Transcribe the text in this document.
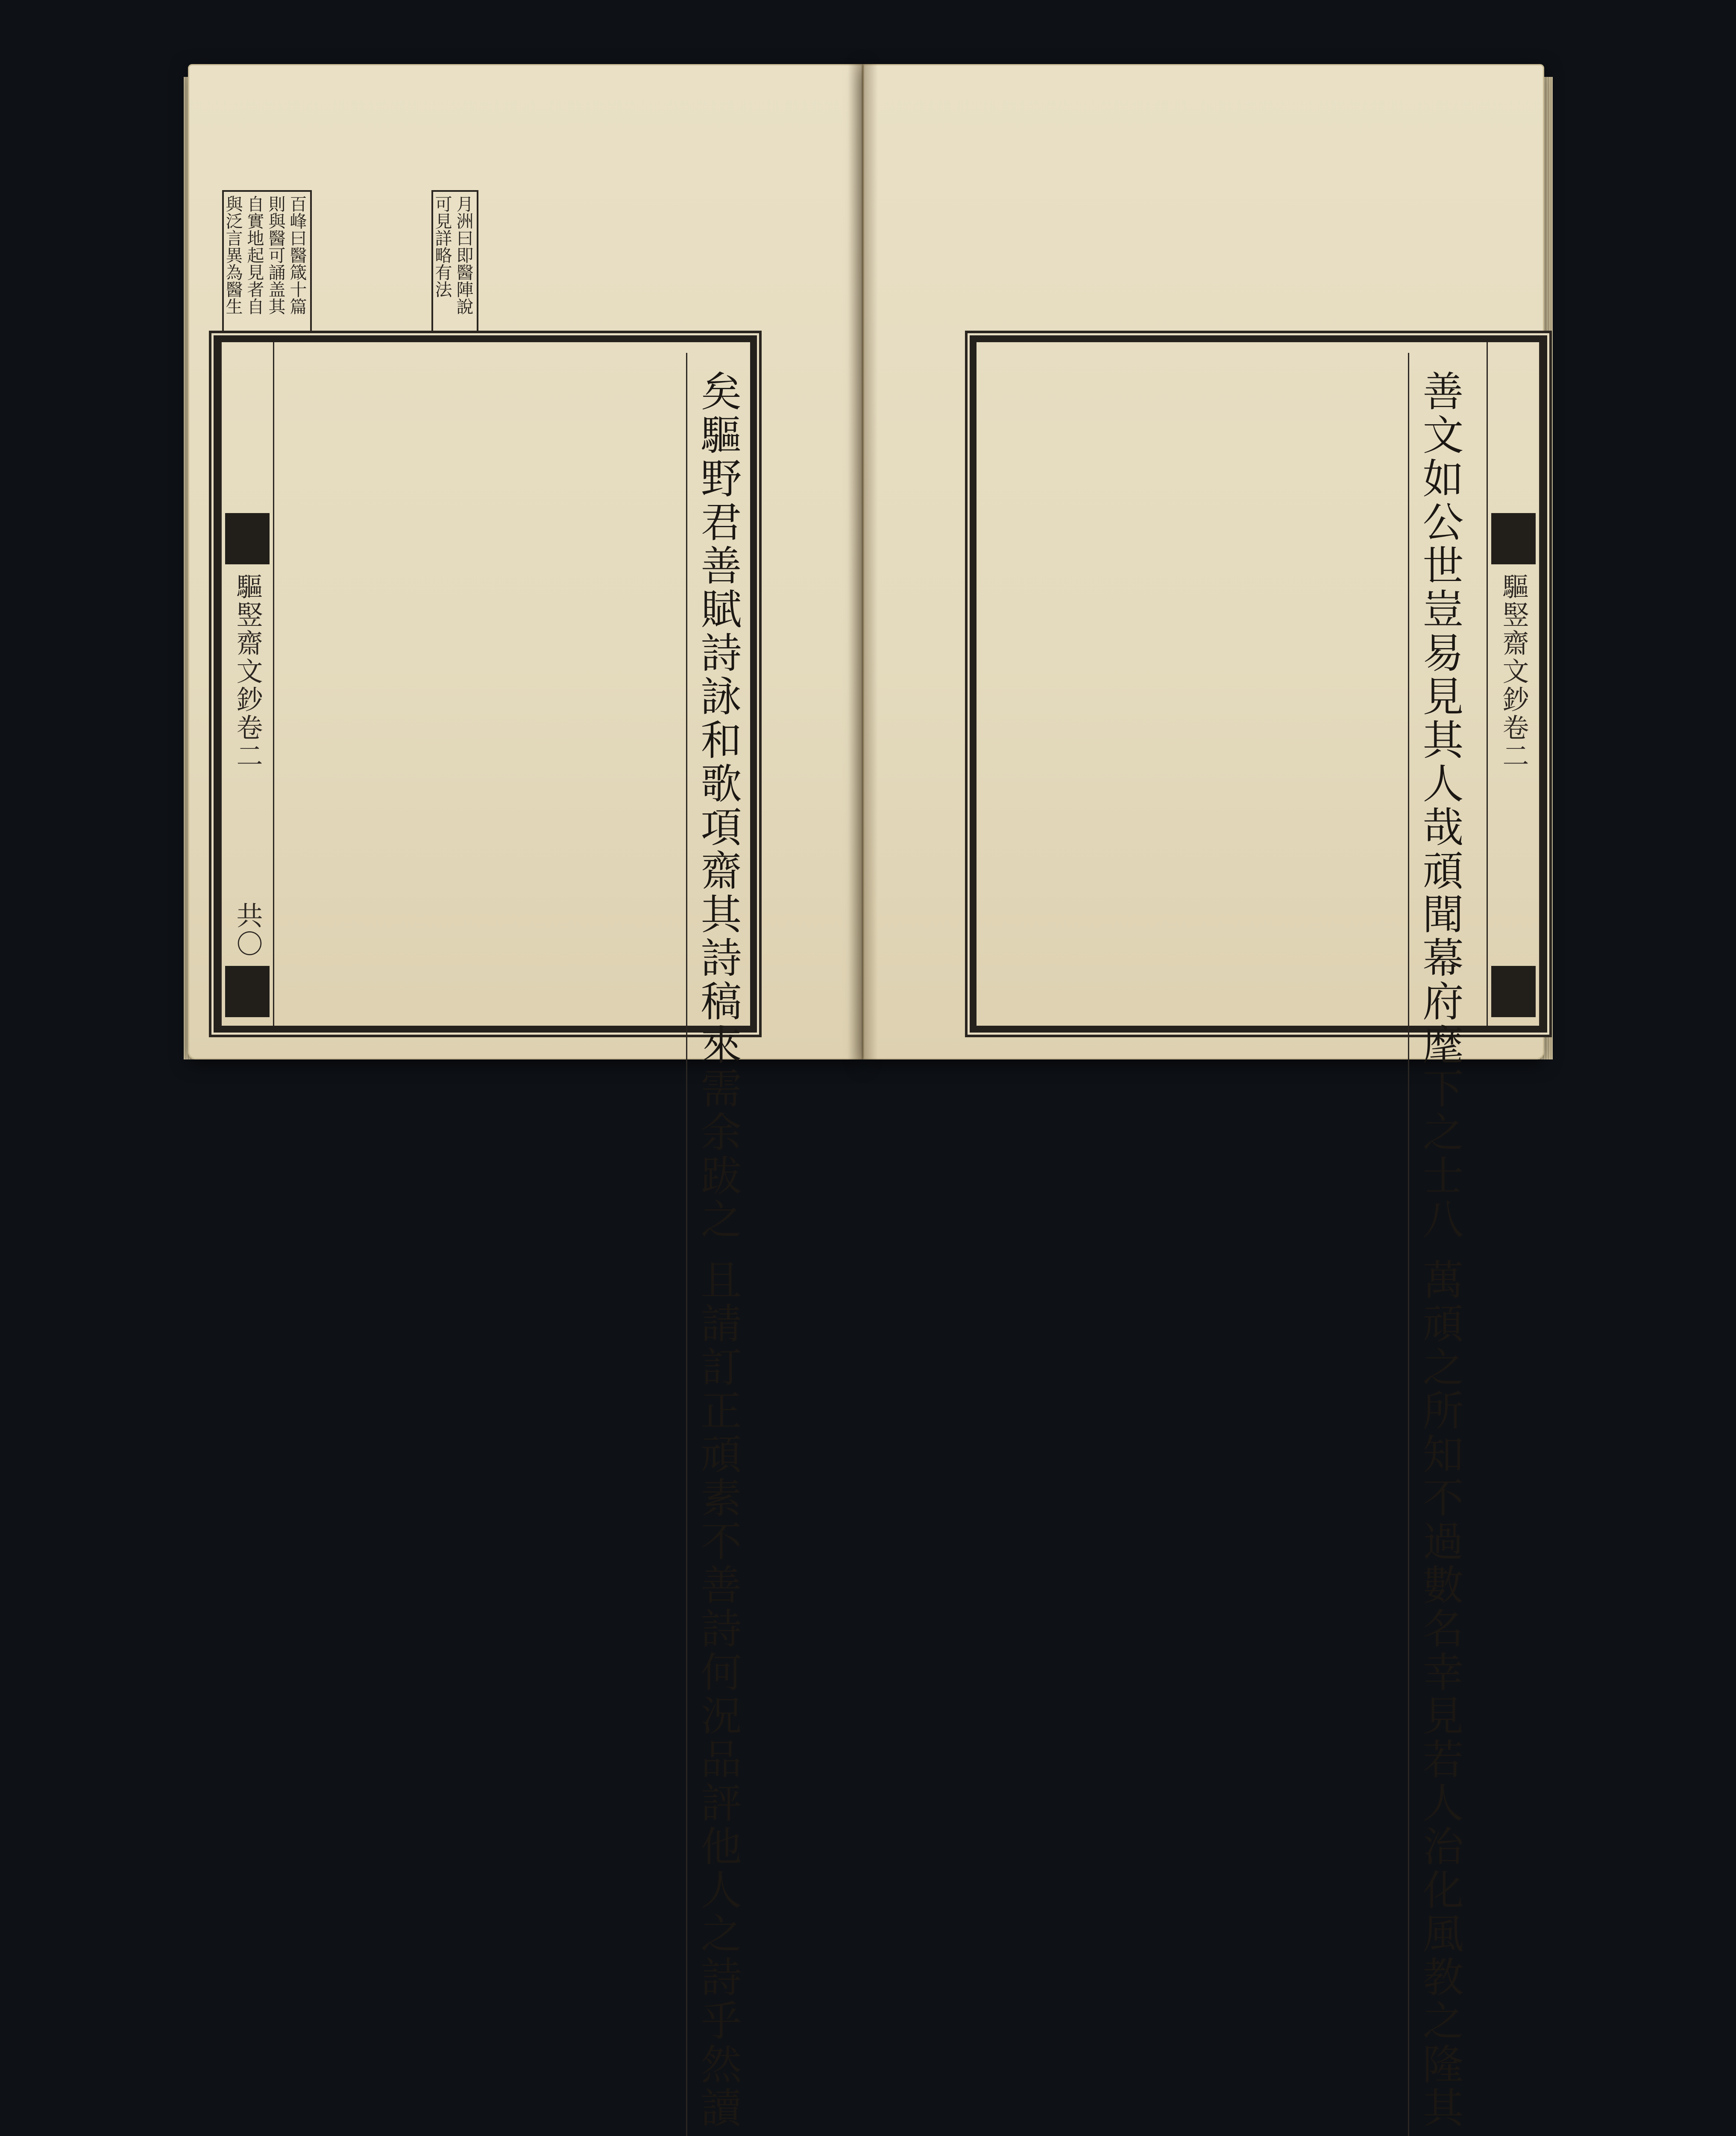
百峰曰醫箴十篇 則與醫可誦盖其 自實地起見者自 與泛言異為醫生	月洲曰即醫陣說 可見詳略有法
驅竪齋文鈔卷二
共〇	矣驅野君善賦詩詠和歌項齋其詩稿來需余跋之
且請訂正頑素不善詩何況品評他人之詩乎然讀
驅竪齋文鈔卷二
善文如公世豈易見其人哉頑聞幕府麾下之士八
萬頑之所知不過數名幸見若人治化風教之隆其
